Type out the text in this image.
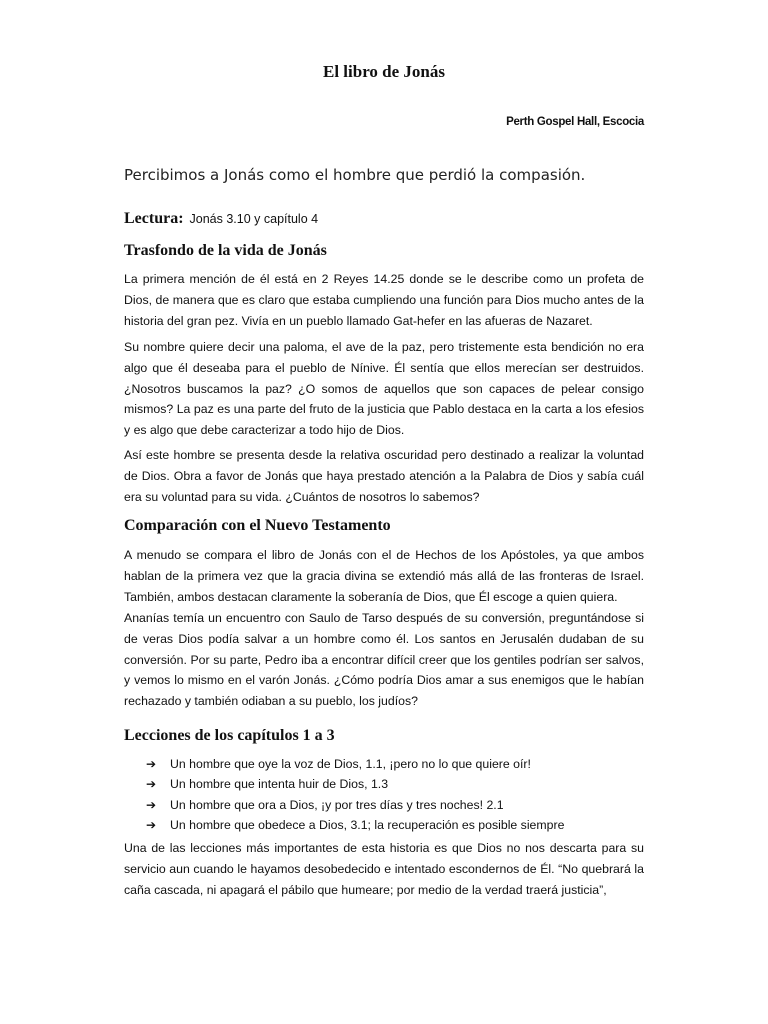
El libro de Jonás
Perth Gospel Hall, Escocia
Percibimos a Jonás como el hombre que perdió la compasión.
Lectura: Jonás 3.10 y capítulo 4
Trasfondo de la vida de Jonás

La primera mención de él está en 2 Reyes 14.25 donde se le describe como un profeta de Dios, de manera que es claro que estaba cumpliendo una función para Dios mucho antes de la historia del gran pez. Vivía en un pueblo llamado Gat-hefer en las afueras de Nazaret.

Su nombre quiere decir una paloma, el ave de la paz, pero tristemente esta bendición no era algo que él deseaba para el pueblo de Nínive. Él sentía que ellos merecían ser destruidos. ¿Nosotros buscamos la paz? ¿O somos de aquellos que son capaces de pelear consigo mismos? La paz es una parte del fruto de la justicia que Pablo destaca en la carta a los efesios y es algo que debe caracterizar a todo hijo de Dios.

Así este hombre se presenta desde la relativa oscuridad pero destinado a realizar la voluntad de Dios. Obra a favor de Jonás que haya prestado atención a la Palabra de Dios y sabía cuál era su voluntad para su vida. ¿Cuántos de nosotros lo sabemos?

Comparación con el Nuevo Testamento

A menudo se compara el libro de Jonás con el de Hechos de los Apóstoles, ya que ambos hablan de la primera vez que la gracia divina se extendió más allá de las fronteras de Israel. También, ambos destacan claramente la soberanía de Dios, que Él escoge a quien quiera.

Ananías temía un encuentro con Saulo de Tarso después de su conversión, preguntándose si de veras Dios podía salvar a un hombre como él. Los santos en Jerusalén dudaban de su conversión. Por su parte, Pedro iba a encontrar difícil creer que los gentiles podrían ser salvos, y vemos lo mismo en el varón Jonás. ¿Cómo podría Dios amar a sus enemigos que le habían rechazado y también odiaban a su pueblo, los judíos?

Lecciones de los capítulos 1 a 3
➔	Un hombre que oye la voz de Dios, 1.1, ¡pero no lo que quiere oír!
➔	Un hombre que intenta huir de Dios, 1.3
➔	Un hombre que ora a Dios, ¡y por tres días y tres noches! 2.1
➔	Un hombre que obedece a Dios, 3.1; la recuperación es posible siempre

Una de las lecciones más importantes de esta historia es que Dios no nos descarta para su servicio aun cuando le hayamos desobedecido e intentado escondernos de Él. “No quebrará la caña cascada, ni apagará el pábilo que humeare; por medio de la verdad traerá justicia”,
